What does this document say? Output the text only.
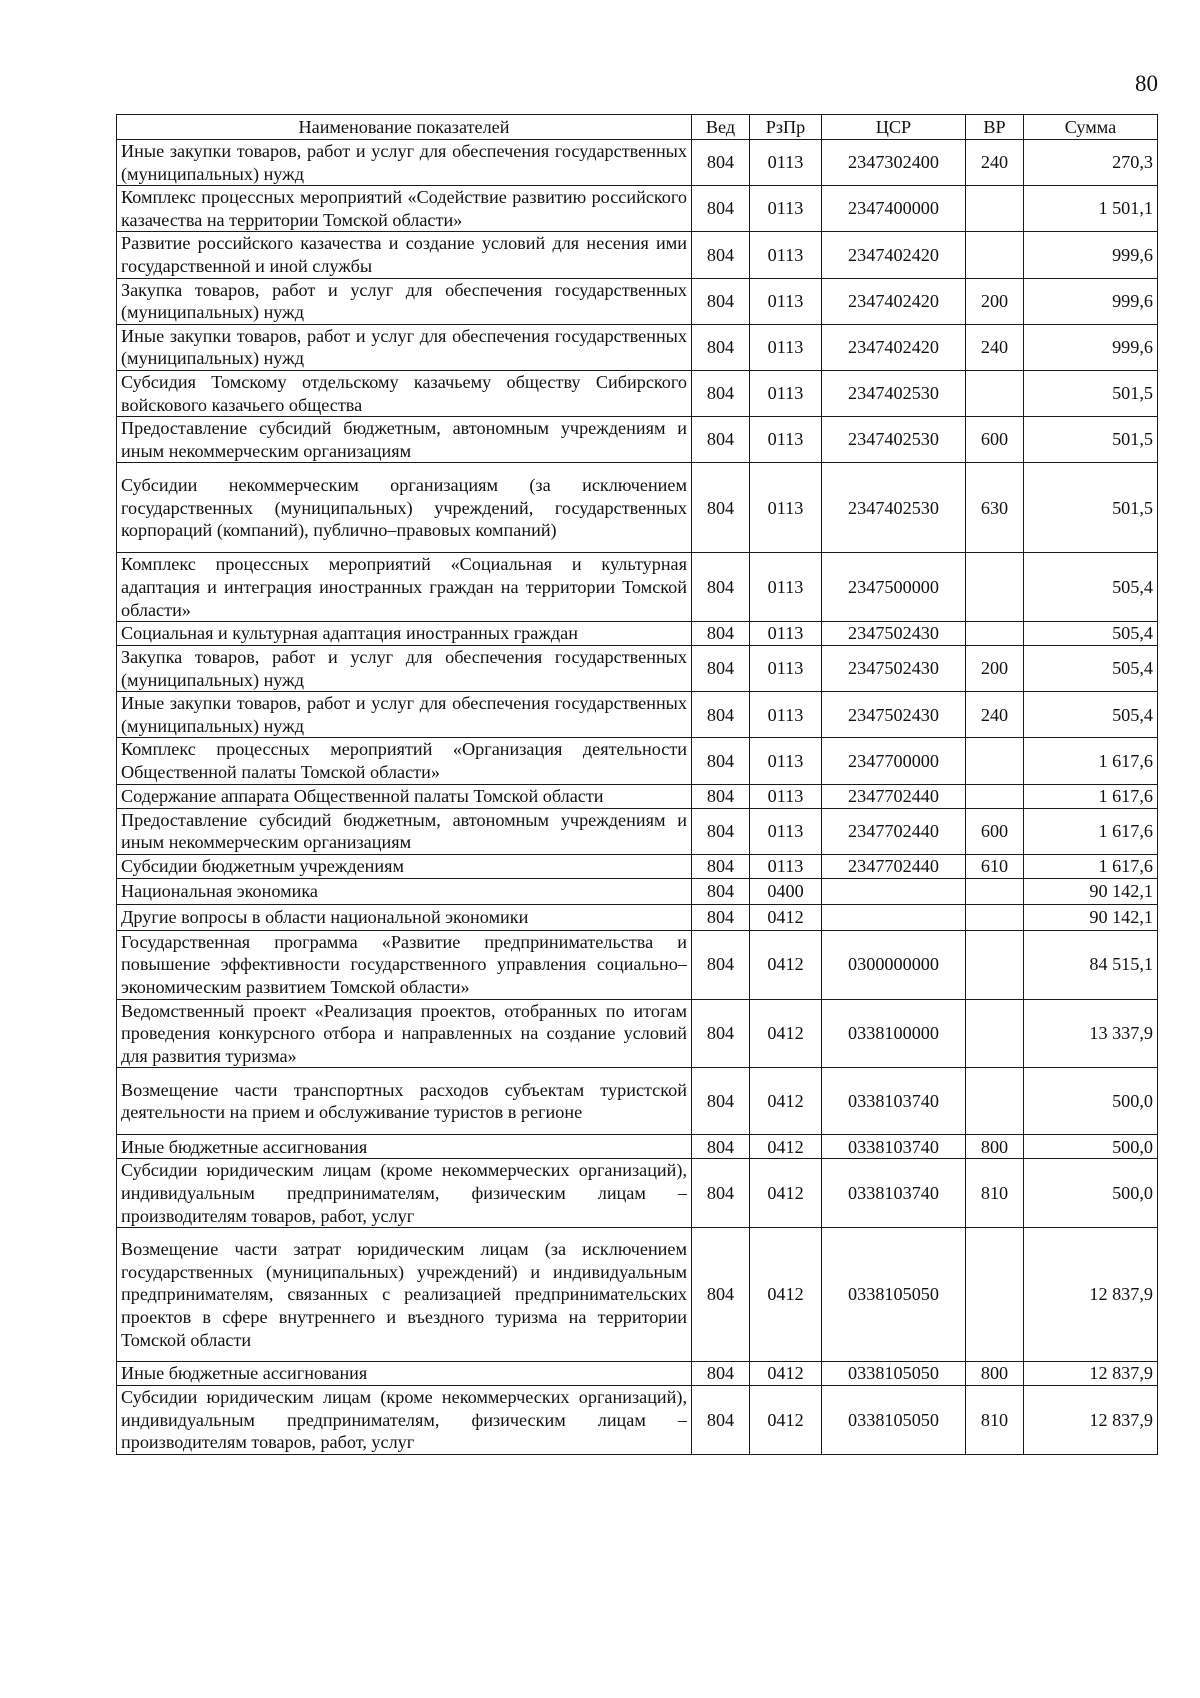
80
Наименование показателей	Вед	РзПр	ЦСР	ВР	Сумма
Иные закупки товаров, работ и услуг для обеспечения государственных (муниципальных) нужд	804	0113	2347302400	240	270,3
Комплекс процессных мероприятий «Содействие развитию российского казачества на территории Томской области»	804	0113	2347400000		1 501,1
Развитие российского казачества и создание условий для несения ими государственной и иной службы	804	0113	2347402420		999,6
Закупка товаров, работ и услуг для обеспечения государственных (муниципальных) нужд	804	0113	2347402420	200	999,6
Иные закупки товаров, работ и услуг для обеспечения государственных (муниципальных) нужд	804	0113	2347402420	240	999,6
Субсидия Томскому отдельскому казачьему обществу Сибирского войскового казачьего общества	804	0113	2347402530		501,5
Предоставление субсидий бюджетным, автономным учреждениям и иным некоммерческим организациям	804	0113	2347402530	600	501,5
Субсидии некоммерческим организациям (за исключением государственных (муниципальных) учреждений, государственных корпораций (компаний), публично–правовых компаний)	804	0113	2347402530	630	501,5
Комплекс процессных мероприятий «Социальная и культурная адаптация и интеграция иностранных граждан на территории Томской области»	804	0113	2347500000		505,4
Социальная и культурная адаптация иностранных граждан	804	0113	2347502430		505,4
Закупка товаров, работ и услуг для обеспечения государственных (муниципальных) нужд	804	0113	2347502430	200	505,4
Иные закупки товаров, работ и услуг для обеспечения государственных (муниципальных) нужд	804	0113	2347502430	240	505,4
Комплекс процессных мероприятий «Организация деятельности Общественной палаты Томской области»	804	0113	2347700000		1 617,6
Содержание аппарата Общественной палаты Томской области	804	0113	2347702440		1 617,6
Предоставление субсидий бюджетным, автономным учреждениям и иным некоммерческим организациям	804	0113	2347702440	600	1 617,6
Субсидии бюджетным учреждениям	804	0113	2347702440	610	1 617,6
Национальная экономика	804	0400			90 142,1
Другие вопросы в области национальной экономики	804	0412			90 142,1
Государственная программа «Развитие предпринимательства и повышение эффективности государственного управления социально–экономическим развитием Томской области»	804	0412	0300000000		84 515,1
Ведомственный проект «Реализация проектов, отобранных по итогам проведения конкурсного отбора и направленных на создание условий для развития туризма»	804	0412	0338100000		13 337,9
Возмещение части транспортных расходов субъектам туристской деятельности на прием и обслуживание туристов в регионе	804	0412	0338103740		500,0
Иные бюджетные ассигнования	804	0412	0338103740	800	500,0
Субсидии юридическим лицам (кроме некоммерческих организаций), индивидуальным предпринимателям, физическим лицам – производителям товаров, работ, услуг	804	0412	0338103740	810	500,0
Возмещение части затрат юридическим лицам (за исключением государственных (муниципальных) учреждений) и индивидуальным предпринимателям, связанных с реализацией предпринимательских проектов в сфере внутреннего и въездного туризма на территории Томской области	804	0412	0338105050		12 837,9
Иные бюджетные ассигнования	804	0412	0338105050	800	12 837,9
Субсидии юридическим лицам (кроме некоммерческих организаций), индивидуальным предпринимателям, физическим лицам – производителям товаров, работ, услуг	804	0412	0338105050	810	12 837,9
